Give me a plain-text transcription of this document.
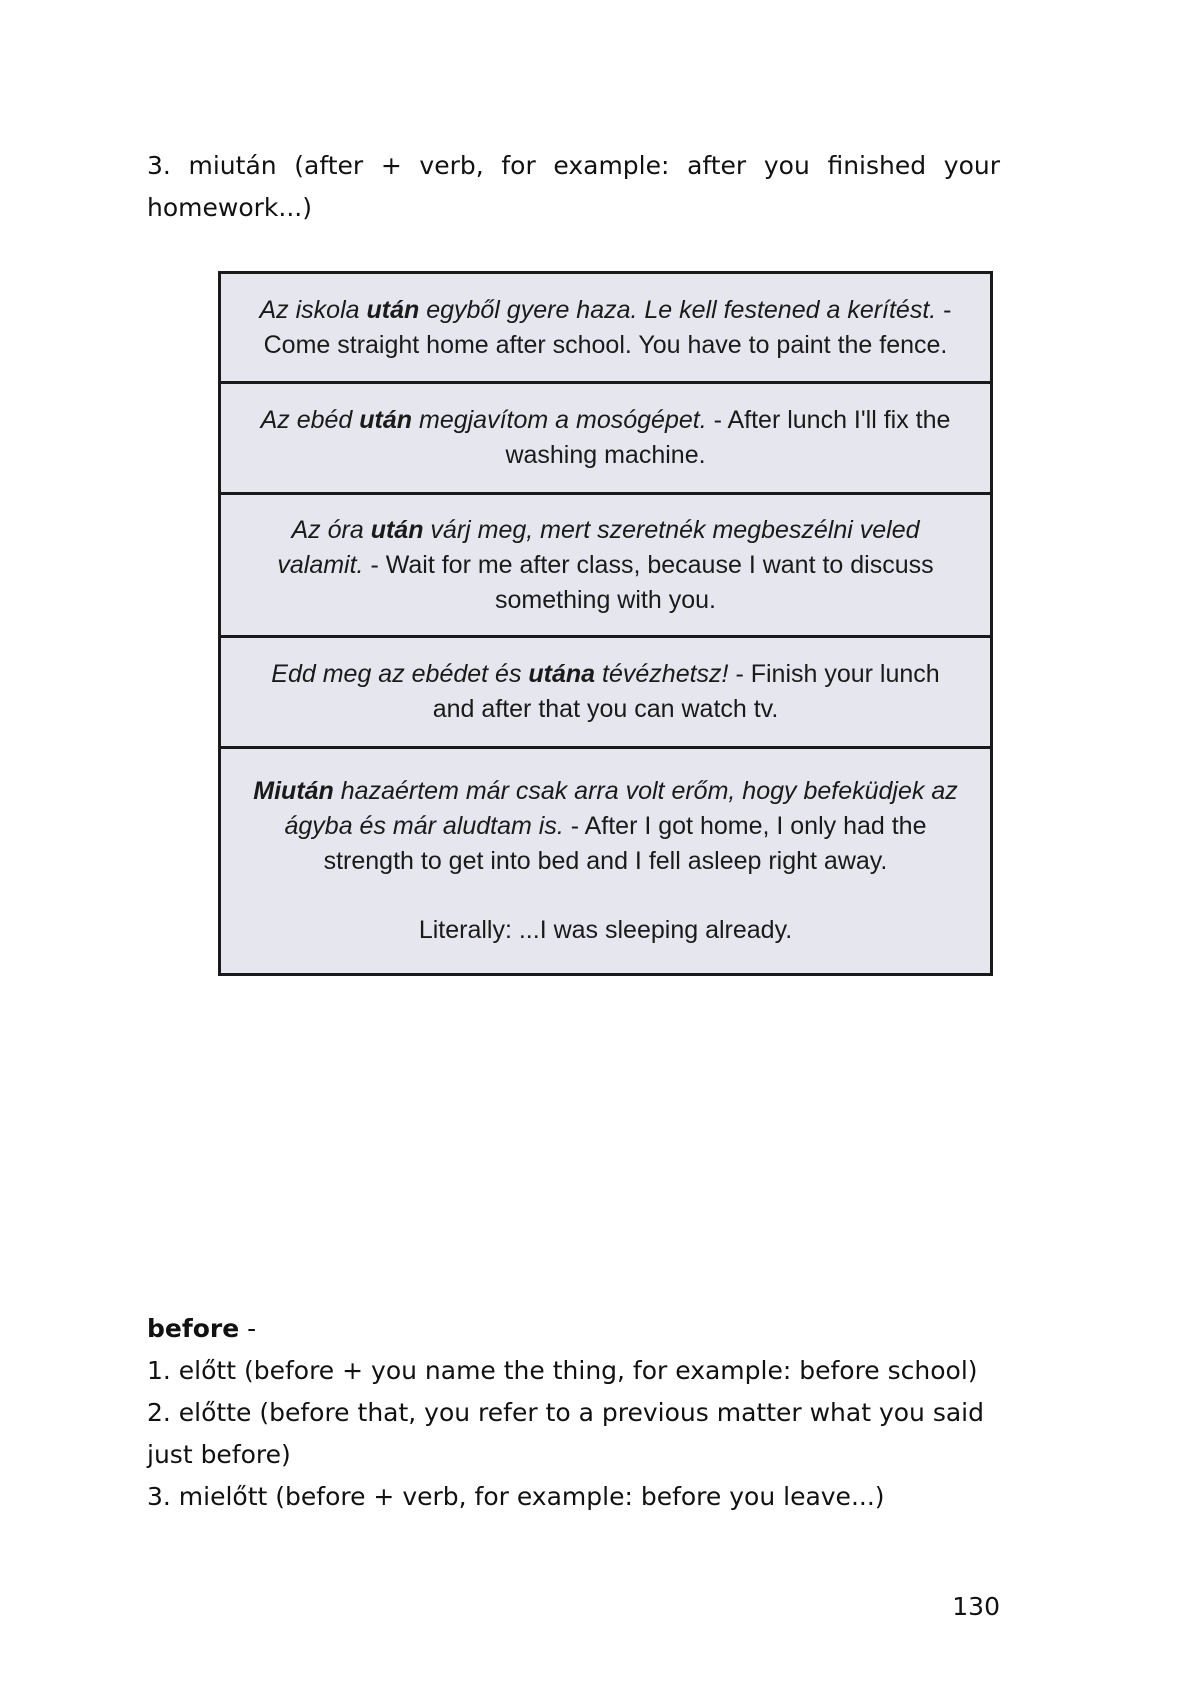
3. miután (after + verb, for example: after you finished your homework...)

Az iskola után egyből gyere haza. Le kell festened a kerítést. - Come straight home after school. You have to paint the fence.
Az ebéd után megjavítom a mosógépet. - After lunch I'll fix the washing machine.
Az óra után várj meg, mert szeretnék megbeszélni veled valamit. - Wait for me after class, because I want to discuss something with you.
Edd meg az ebédet és utána tévézhetsz! - Finish your lunch and after that you can watch tv.
Miután hazaértem már csak arra volt erőm, hogy befeküdjek az ágyba és már aludtam is. - After I got home, I only had the strength to get into bed and I fell asleep right away.
Literally: ...I was sleeping already.

before -

1. előtt (before + you name the thing, for example: before school)

2. előtte (before that, you refer to a previous matter what you said just before)

3. mielőtt (before + verb, for example: before you leave...)

130
